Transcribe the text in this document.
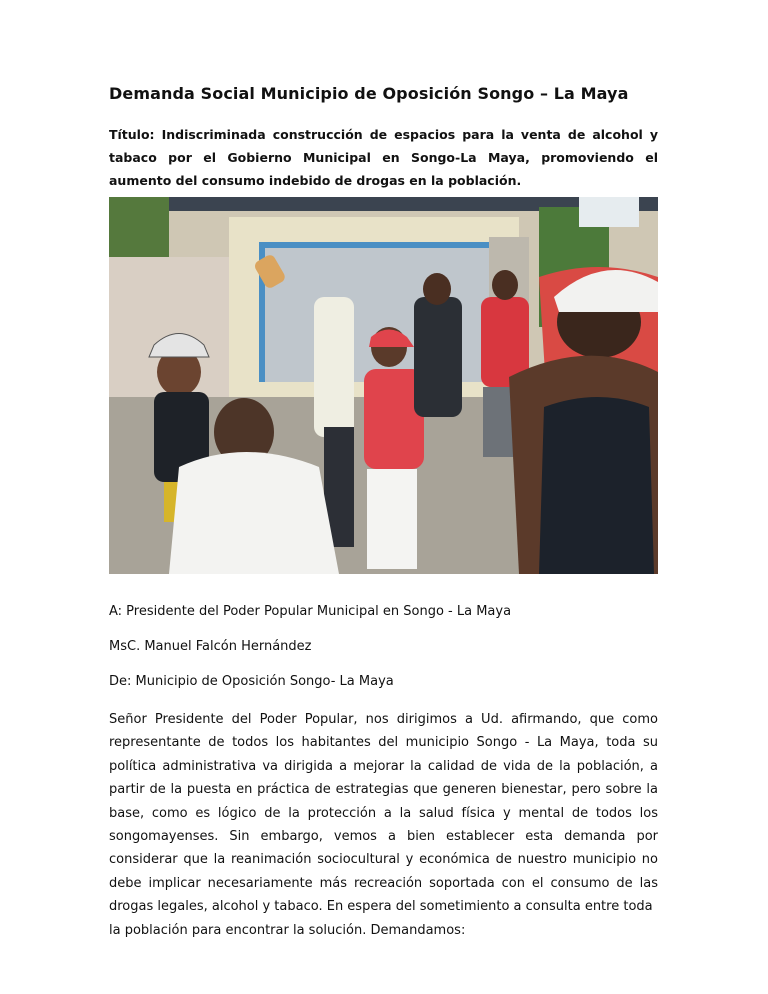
Demanda Social Municipio de Oposición Songo – La Maya
Título: Indiscriminada construcción de espacios para la venta de alcohol y tabaco por el Gobierno Municipal en Songo-La Maya, promoviendo el aumento del consumo indebido de drogas en la población.
A: Presidente del Poder Popular Municipal en Songo - La Maya
MsC. Manuel Falcón Hernández
De: Municipio de Oposición Songo- La Maya
Señor Presidente del Poder Popular, nos dirigimos a Ud. afirmando, que como representante de todos los habitantes del municipio Songo - La Maya, toda su política administrativa va dirigida a mejorar la calidad de vida de la población, a partir de la puesta en práctica de estrategias que generen bienestar, pero sobre la base, como es lógico de la protección a la salud física y mental de todos los songomayenses. Sin embargo, vemos a bien establecer esta demanda por considerar que la reanimación sociocultural y económica de nuestro municipio no debe implicar necesariamente más recreación soportada con el consumo de las drogas legales, alcohol y tabaco. En espera del sometimiento a consulta entre toda
la población para encontrar la solución. Demandamos:
